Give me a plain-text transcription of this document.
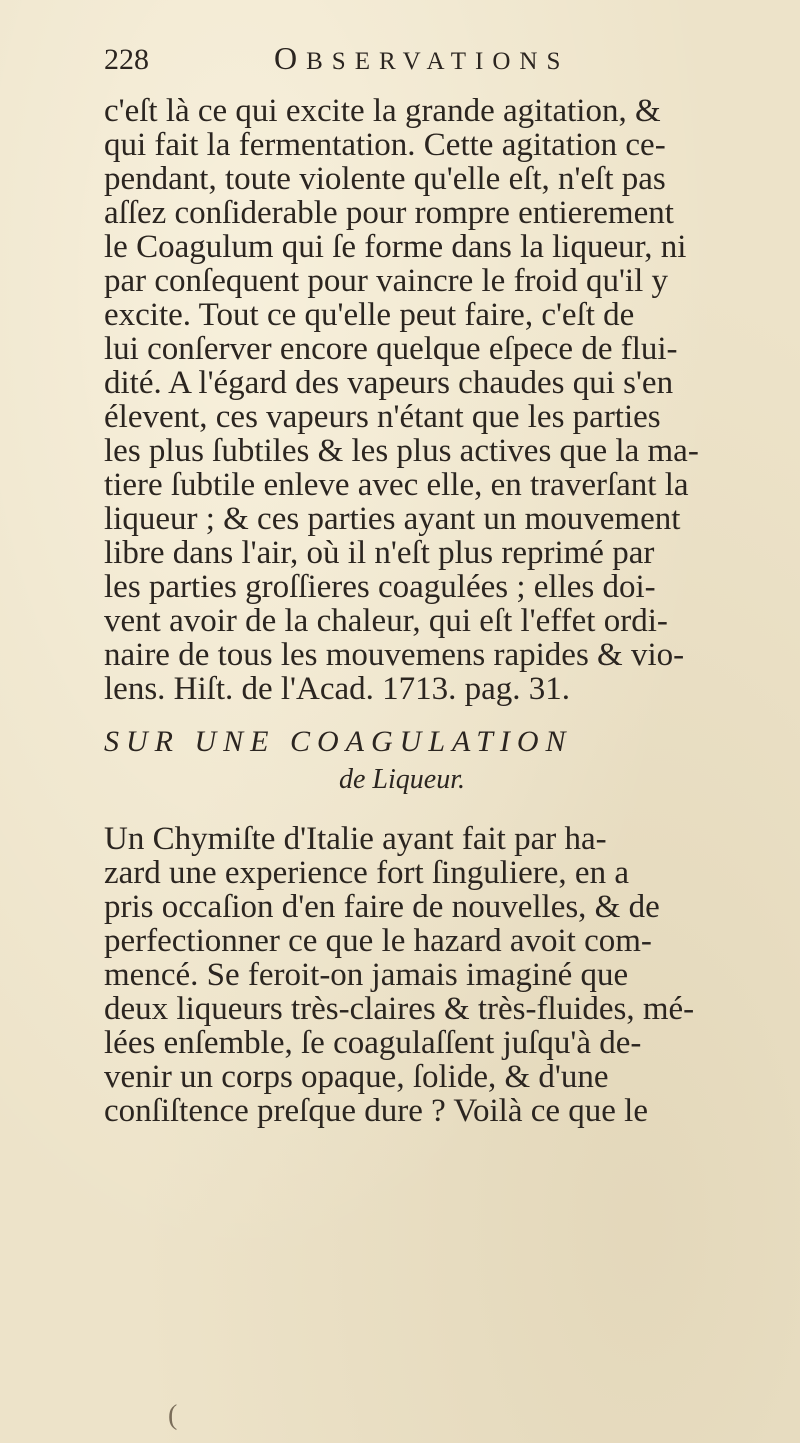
228	OBSERVATIONS
c'eſt là ce qui excite la grande agitation, &
qui fait la fermentation. Cette agitation ce-
pendant, toute violente qu'elle eſt, n'eſt pas
aſſez conſiderable pour rompre entierement
le Coagulum qui ſe forme dans la liqueur, ni
par conſequent pour vaincre le froid qu'il y
excite. Tout ce qu'elle peut faire, c'eſt de
lui conſerver encore quelque eſpece de flui-
dité. A l'égard des vapeurs chaudes qui s'en
élevent, ces vapeurs n'étant que les parties
les plus ſubtiles & les plus actives que la ma-
tiere ſubtile enleve avec elle, en traverſant la
liqueur ; & ces parties ayant un mouvement
libre dans l'air, où il n'eſt plus reprimé par
les parties groſſieres coagulées ; elles doi-
vent avoir de la chaleur, qui eſt l'effet ordi-
naire de tous les mouvemens rapides & vio-
lens. Hiſt. de l'Acad. 1713. pag. 31.
SUR UNE COAGULATION
de Liqueur.
Un Chymiſte d'Italie ayant fait par ha-
zard une experience fort ſinguliere, en a
pris occaſion d'en faire de nouvelles, & de
perfectionner ce que le hazard avoit com-
mencé. Se feroit-on jamais imaginé que
deux liqueurs très-claires & très-fluides, mé-
lées enſemble, ſe coagulaſſent juſqu'à de-
venir un corps opaque, ſolide, & d'une
conſiſtence preſque dure ? Voilà ce que le
(
